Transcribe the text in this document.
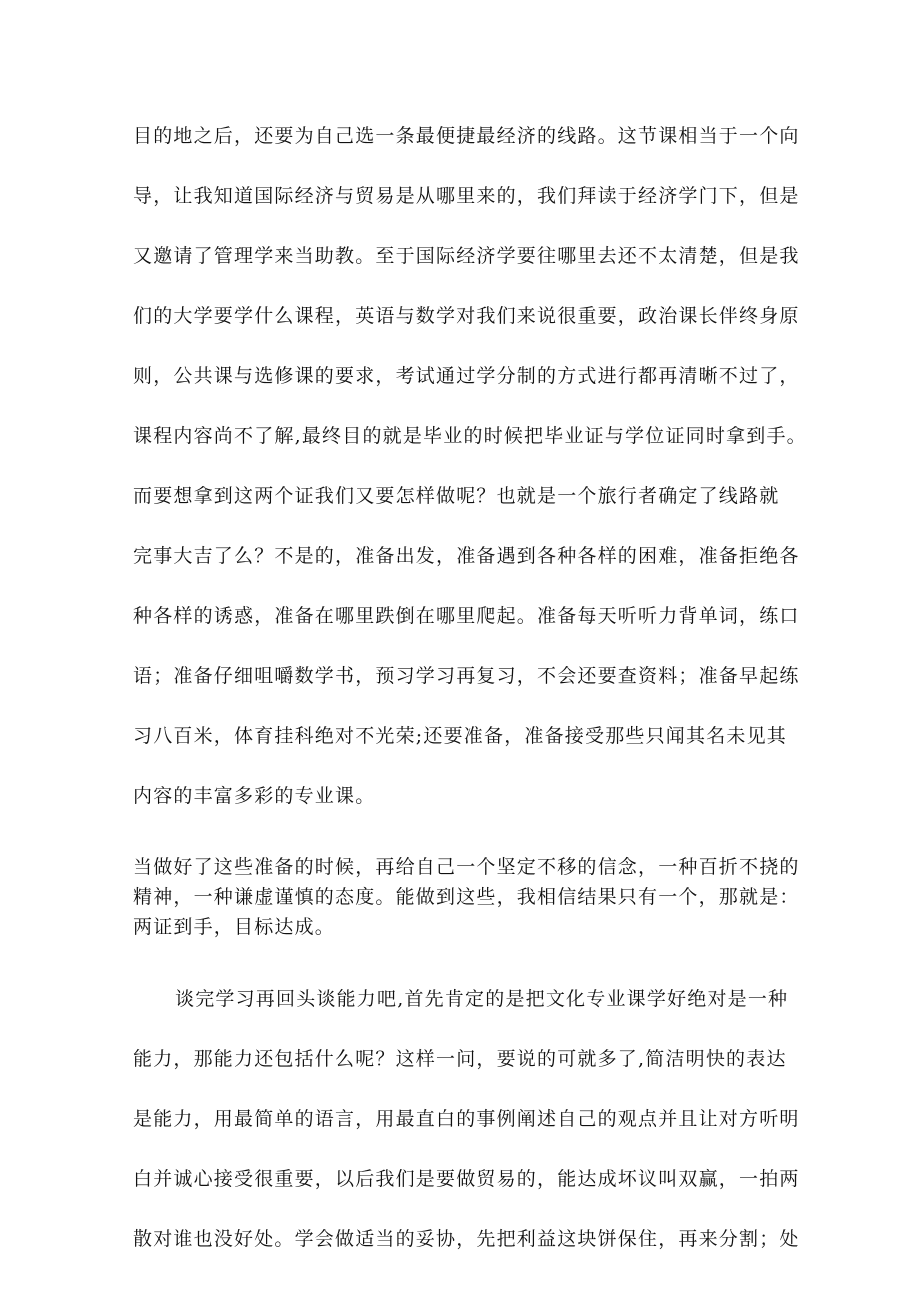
目的地之后，还要为自己选一条最便捷最经济的线路。这节课相当于一个向
导，让我知道国际经济与贸易是从哪里来的，我们拜读于经济学门下，但是
又邀请了管理学来当助教。至于国际经济学要往哪里去还不太清楚，但是我
们的大学要学什么课程，英语与数学对我们来说很重要，政治课长伴终身原
则，公共课与选修课的要求，考试通过学分制的方式进行都再清晰不过了，
课程内容尚不了解,最终目的就是毕业的时候把毕业证与学位证同时拿到手。
而要想拿到这两个证我们又要怎样做呢？也就是一个旅行者确定了线路就
完事大吉了么？不是的，准备出发，准备遇到各种各样的困难，准备拒绝各
种各样的诱惑，准备在哪里跌倒在哪里爬起。准备每天听听力背单词，练口
语；准备仔细咀嚼数学书，预习学习再复习，不会还要查资料；准备早起练
习八百米，体育挂科绝对不光荣;还要准备，准备接受那些只闻其名未见其
内容的丰富多彩的专业课。
当做好了这些准备的时候，再给自己一个坚定不移的信念，一种百折不挠的
精神，一种谦虚谨慎的态度。能做到这些，我相信结果只有一个，那就是：
两证到手，目标达成。
谈完学习再回头谈能力吧,首先肯定的是把文化专业课学好绝对是一种
能力，那能力还包括什么呢？这样一问，要说的可就多了,简洁明快的表达
是能力，用最简单的语言，用最直白的事例阐述自己的观点并且让对方听明
白并诚心接受很重要，以后我们是要做贸易的，能达成坏议叫双赢，一拍两
散对谁也没好处。学会做适当的妥协，先把利益这块饼保住，再来分割；处
